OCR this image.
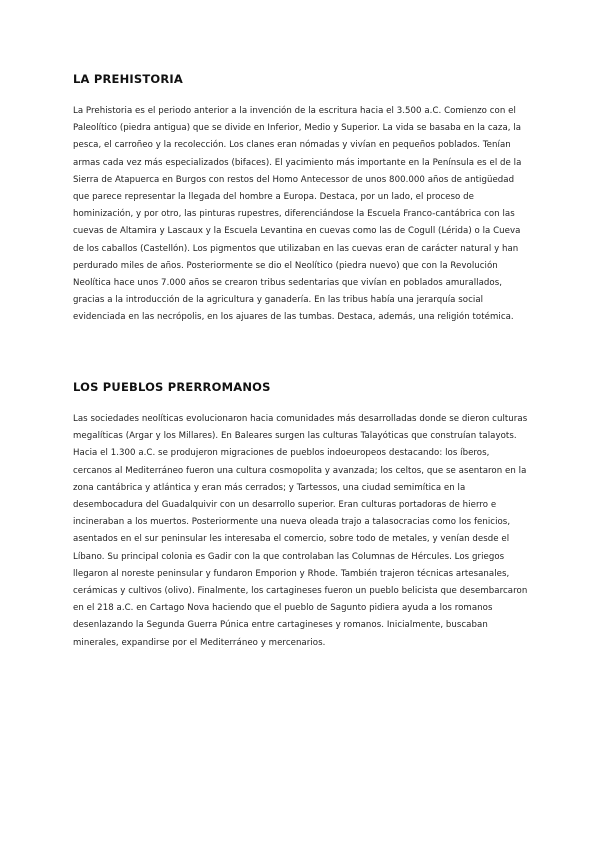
LA PREHISTORIA

La Prehistoria es el periodo anterior a la invención de la escritura hacia el 3.500 a.C. Comienzo con el Paleolítico (piedra antigua) que se divide en Inferior, Medio y Superior. La vida se basaba en la caza, la pesca, el carroñeo y la recolección. Los clanes eran nómadas y vivían en pequeños poblados. Tenían armas cada vez más especializados (bifaces). El yacimiento más importante en la Península es el de la Sierra de Atapuerca en Burgos con restos del Homo Antecessor de unos 800.000 años de antigüedad que parece representar la llegada del hombre a Europa. Destaca, por un lado, el proceso de hominización, y por otro, las pinturas rupestres, diferenciándose la Escuela Franco-cantábrica con las cuevas de Altamira y Lascaux y la Escuela Levantina en cuevas como las de Cogull (Lérida) o la Cueva de los caballos (Castellón). Los pigmentos que utilizaban en las cuevas eran de carácter natural y han perdurado miles de años. Posteriormente se dio el Neolítico (piedra nuevo) que con la Revolución Neolítica hace unos 7.000 años se crearon tribus sedentarias que vivían en poblados amurallados, gracias a la introducción de la agricultura y ganadería. En las tribus había una jerarquía social evidenciada en las necrópolis, en los ajuares de las tumbas. Destaca, además, una religión totémica.

LOS PUEBLOS PRERROMANOS

Las sociedades neolíticas evolucionaron hacia comunidades más desarrolladas donde se dieron culturas megalíticas (Argar y los Millares). En Baleares surgen las culturas Talayóticas que construían talayots. Hacia el 1.300 a.C. se produjeron migraciones de pueblos indoeuropeos destacando: los íberos, cercanos al Mediterráneo fueron una cultura cosmopolita y avanzada; los celtos, que se asentaron en la zona cantábrica y atlántica y eran más cerrados; y Tartessos, una ciudad semimítica en la desembocadura del Guadalquivir con un desarrollo superior. Eran culturas portadoras de hierro e incineraban a los muertos. Posteriormente una nueva oleada trajo a talasocracias como los fenicios, asentados en el sur peninsular les interesaba el comercio, sobre todo de metales, y venían desde el Líbano. Su principal colonia es Gadir con la que controlaban las Columnas de Hércules. Los griegos llegaron al noreste peninsular y fundaron Emporion y Rhode. También trajeron técnicas artesanales, cerámicas y cultivos (olivo). Finalmente, los cartagineses fueron un pueblo belicista que desembarcaron en el 218 a.C. en Cartago Nova haciendo que el pueblo de Sagunto pidiera ayuda a los romanos desenlazando la Segunda Guerra Púnica entre cartagineses y romanos. Inicialmente, buscaban minerales, expandirse por el Mediterráneo y mercenarios.
